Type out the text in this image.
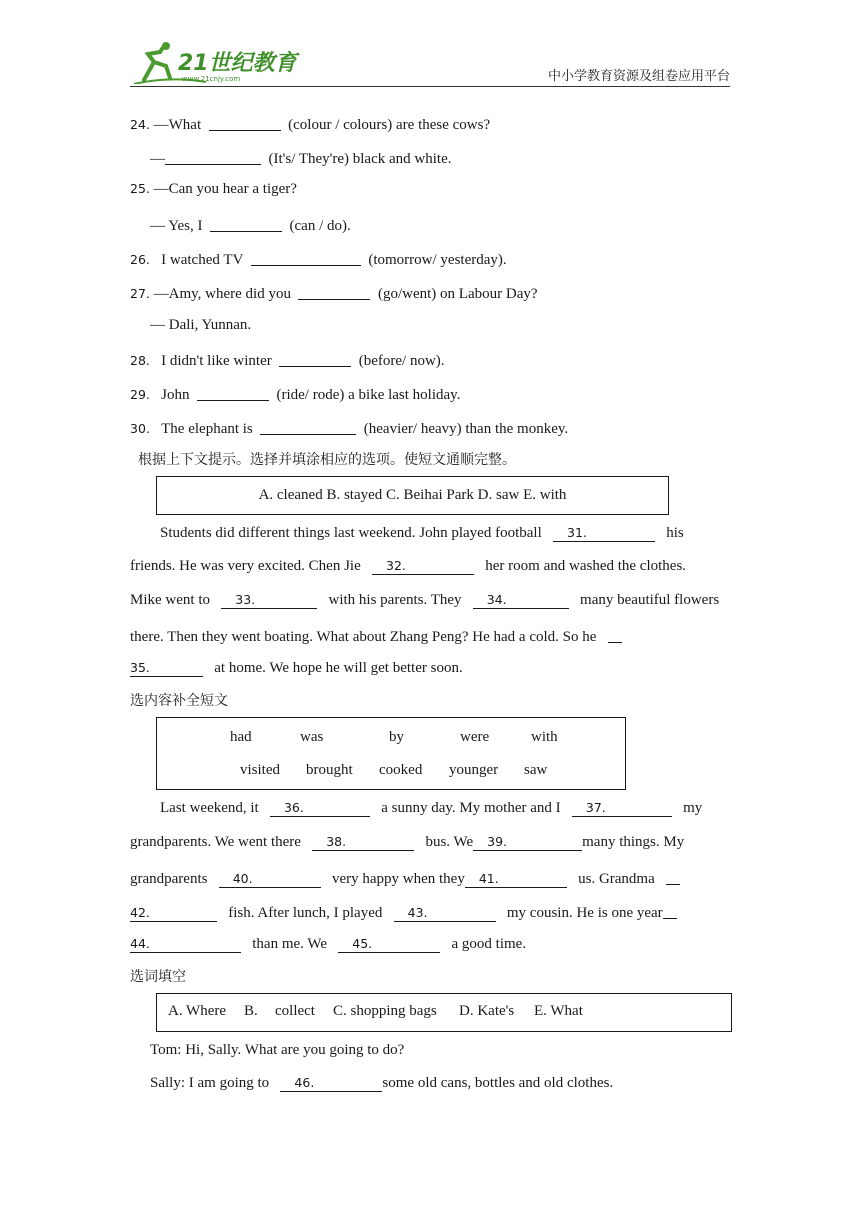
21世纪教育
www.21cnjy.com	中小学教育资源及组卷应用平台
24. —What	(colour / colours) are these cows?
—	(It's/ They're) black and white.
25. —Can you hear a tiger?
— Yes, I	(can / do).
26. I watched TV	(tomorrow/ yesterday).
27. —Amy, where did you	(go/went) on Labour Day?
— Dali, Yunnan.
28. I didn't like winter	(before/ now).
29. John	(ride/ rode) a bike last holiday.
30. The elephant is	(heavier/ heavy) than the monkey.
根据上下文提示。选择并填涂相应的选项。使短文通顺完整。
A. cleaned B. stayed C. Beihai Park D. saw E. with
Students did different things last weekend. John played football 31.	his
friends. He was very excited. Chen Jie 32.	her room and washed the clothes.
Mike went to 33.	with his parents. They 34.	many beautiful flowers
there. Then they went boating. What about Zhang Peng? He had a cold. So he
35.	at home. We hope he will get better soon.
选内容补全短文
had	was	by	were	with
visited brought cooked younger saw
Last weekend, it 36.	a sunny day. My mother and I 37.	my
grandparents. We went there 38.	bus. We 39.	many things. My
grandparents 40.	very happy when they 41.	us. Grandma
42.	fish. After lunch, I played 43.	my cousin. He is one year
44.	than me. We 45.	a good time.
选词填空
A. Where B. collect C. shopping bags D. Kate's E. What
Tom: Hi, Sally. What are you going to do?
Sally: I am going to 46.	some old cans, bottles and old clothes.
